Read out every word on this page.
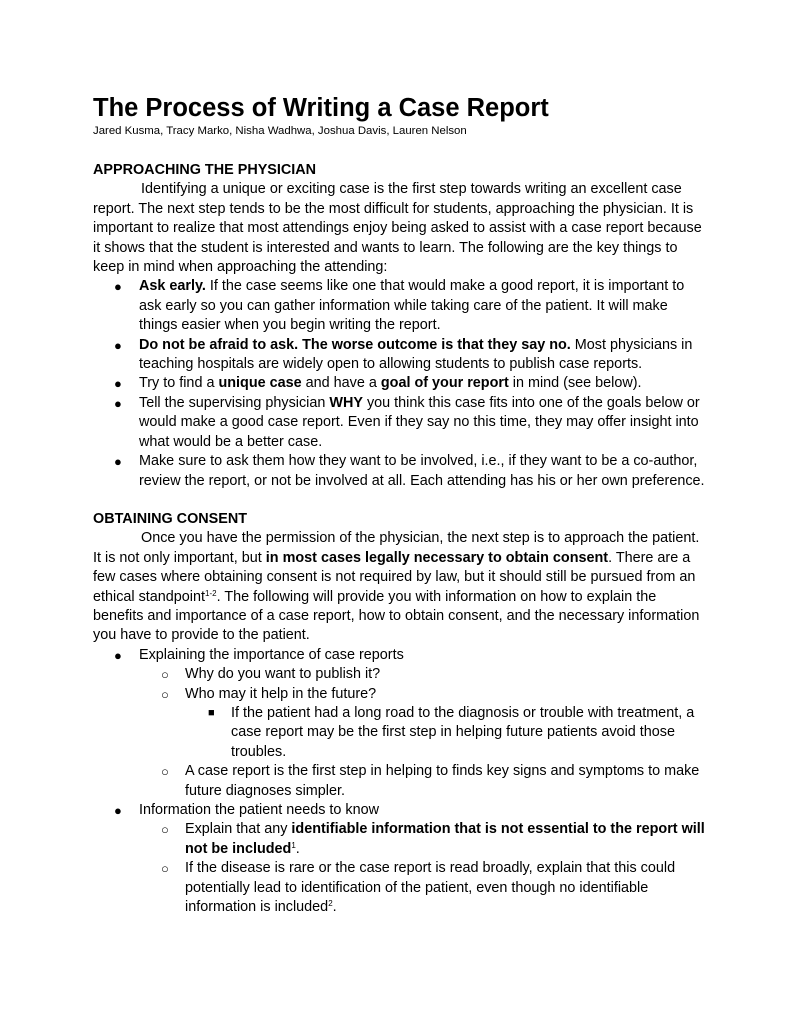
The Process of Writing a Case Report

Jared Kusma, Tracy Marko, Nisha Wadhwa, Joshua Davis, Lauren Nelson

APPROACHING THE PHYSICIAN

Identifying a unique or exciting case is the first step towards writing an excellent case report. The next step tends to be the most difficult for students, approaching the physician. It is important to realize that most attendings enjoy being asked to assist with a case report because it shows that the student is interested and wants to learn. The following are the key things to keep in mind when approaching the attending:

● Ask early. If the case seems like one that would make a good report, it is important to ask early so you can gather information while taking care of the patient. It will make things easier when you begin writing the report.
● Do not be afraid to ask. The worse outcome is that they say no. Most physicians in teaching hospitals are widely open to allowing students to publish case reports.
● Try to find a unique case and have a goal of your report in mind (see below).
● Tell the supervising physician WHY you think this case fits into one of the goals below or would make a good case report. Even if they say no this time, they may offer insight into what would be a better case.
● Make sure to ask them how they want to be involved, i.e., if they want to be a co-author, review the report, or not be involved at all. Each attending has his or her own preference.
OBTAINING CONSENT

Once you have the permission of the physician, the next step is to approach the patient. It is not only important, but in most cases legally necessary to obtain consent. There are a few cases where obtaining consent is not required by law, but it should still be pursued from an ethical standpoint$^{1-2}$. The following will provide you with information on how to explain the benefits and importance of a case report, how to obtain consent, and the necessary information you have to provide to the patient.

● Explaining the importance of case reports
○ Why do you want to publish it?
○ Who may it help in the future?
■ If the patient had a long road to the diagnosis or trouble with treatment, a case report may be the first step in helping future patients avoid those troubles.
○ A case report is the first step in helping to finds key signs and symptoms to make future diagnoses simpler.
● Information the patient needs to know
○ Explain that any identifiable information that is not essential to the report will not be included$^1$.
○ If the disease is rare or the case report is read broadly, explain that this could potentially lead to identification of the patient, even though no identifiable information is included$^2$.
